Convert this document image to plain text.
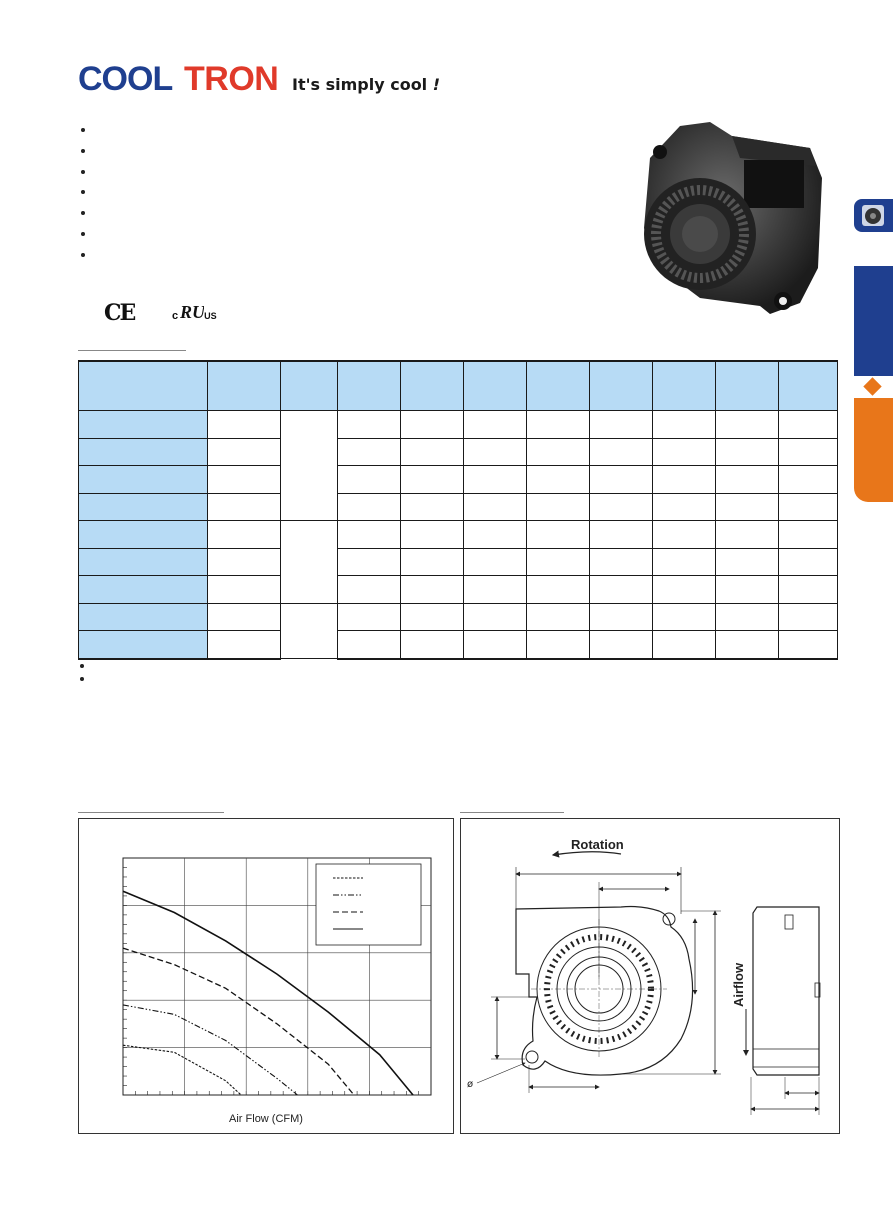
COOL TRON It's simply cool !
CE	c RU
US

Air Flow (CFM)
Rotation
ø
Airflow
